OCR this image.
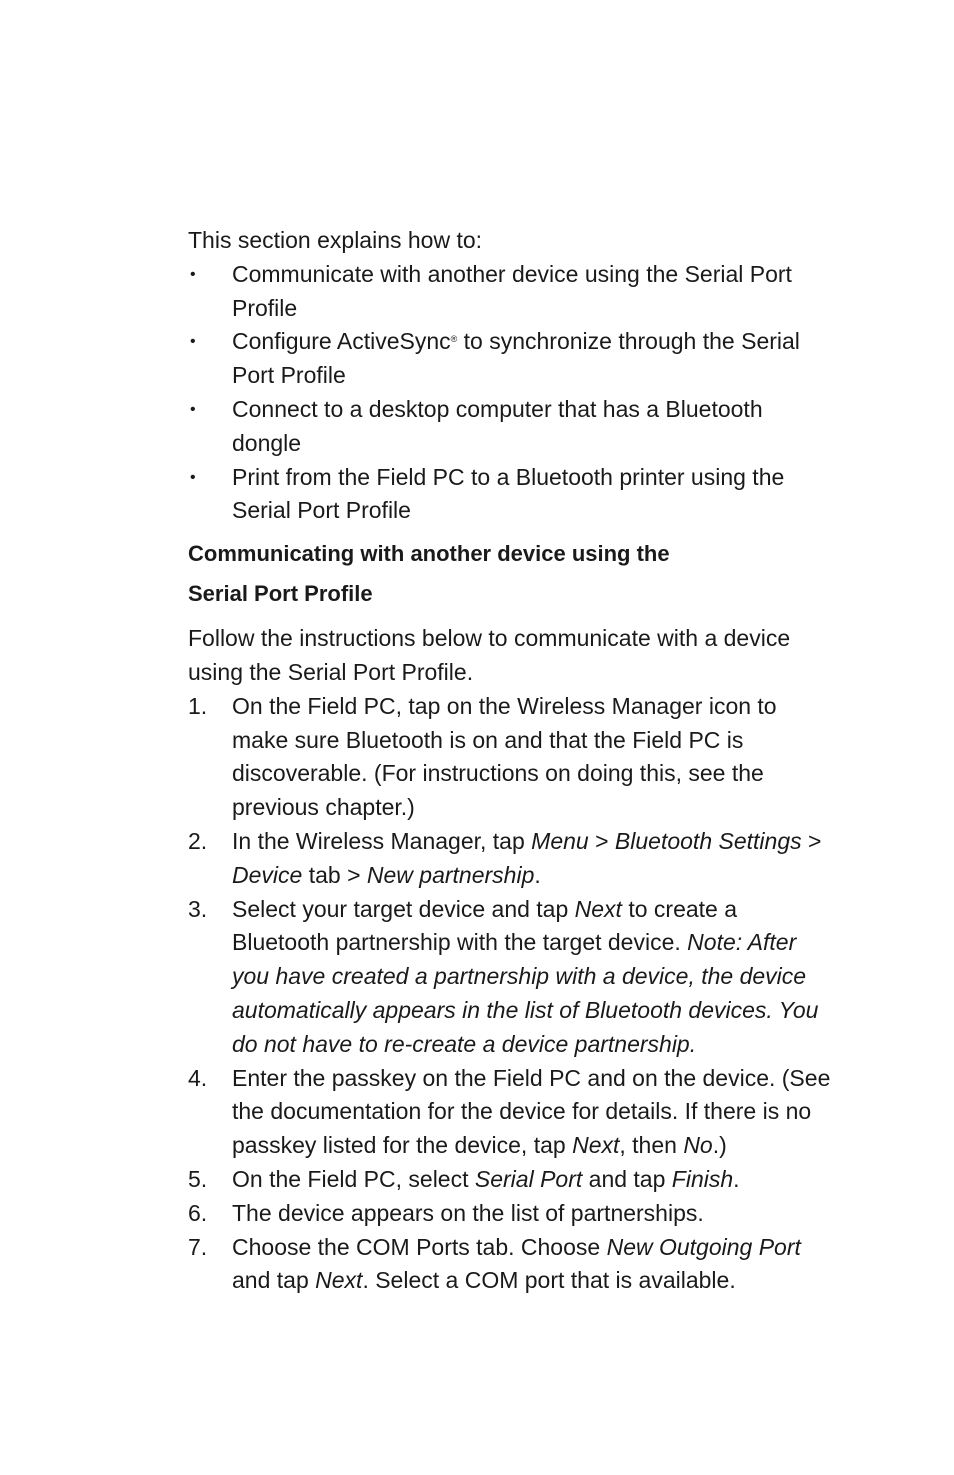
This section explains how to:

• Communicate with another device using the Serial Port Profile
• Configure ActiveSync® to synchronize through the Serial Port Profile
• Connect to a desktop computer that has a Bluetooth dongle
• Print from the Field PC to a Bluetooth printer using the Serial Port Profile
Communicating with another device using the
Serial Port Profile

Follow the instructions below to communicate with a device using the Serial Port Profile.

1. On the Field PC, tap on the Wireless Manager icon to make sure Bluetooth is on and that the Field PC is discoverable. (For instructions on doing this, see the previous chapter.)
2. In the Wireless Manager, tap Menu > Bluetooth Settings > Device tab > New partnership.
3. Select your target device and tap Next to create a Bluetooth partnership with the target device. Note: After you have created a partnership with a device, the device automatically appears in the list of Bluetooth devices. You do not have to re-create a device partnership.
4. Enter the passkey on the Field PC and on the device. (See the documentation for the device for details. If there is no passkey listed for the device, tap Next, then No.)
5. On the Field PC, select Serial Port and tap Finish.
6. The device appears on the list of partnerships.
7. Choose the COM Ports tab. Choose New Outgoing Port and tap Next. Select a COM port that is available.
